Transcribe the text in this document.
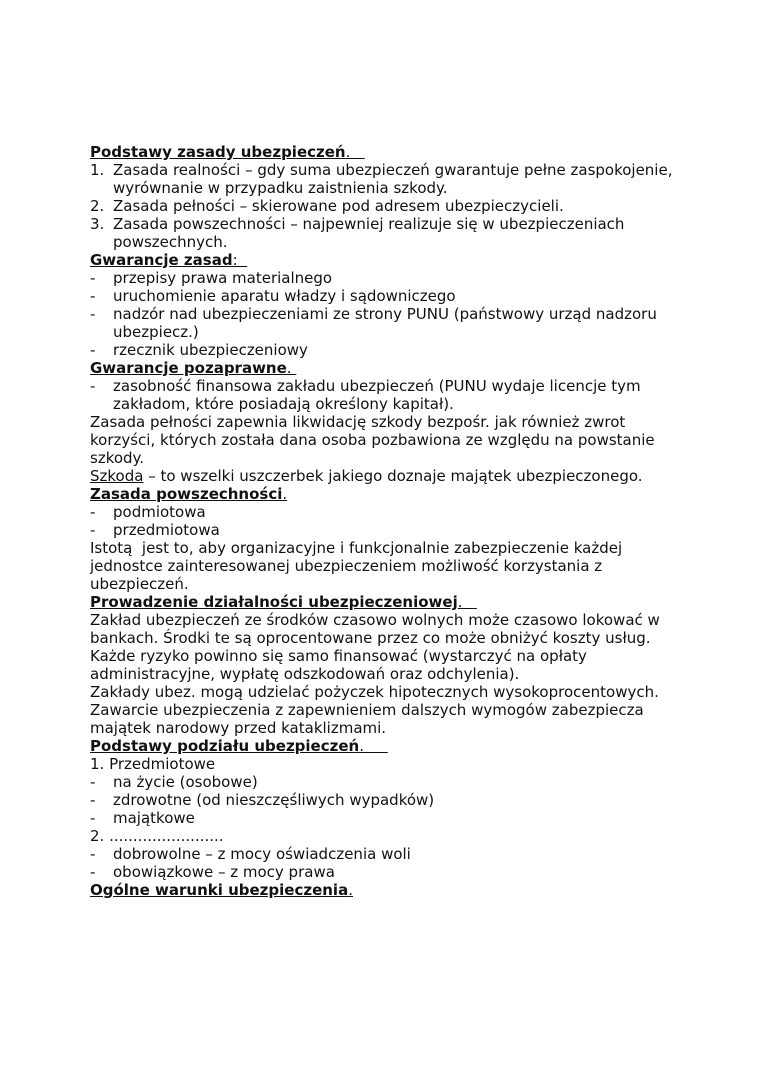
Podstawy zasady ubezpieczeń.
1. Zasada realności – gdy suma ubezpieczeń gwarantuje pełne zaspokojenie, wyrównanie w przypadku zaistnienia szkody.
2. Zasada pełności – skierowane pod adresem ubezpieczycieli.
3. Zasada powszechności – najpewniej realizuje się w ubezpieczeniach powszechnych.
Gwarancje zasad:
-	przepisy prawa materialnego
-	uruchomienie aparatu władzy i sądowniczego
-	nadzór nad ubezpieczeniami ze strony PUNU (państwowy urząd nadzoru ubezpiecz.)
-	rzecznik ubezpieczeniowy
Gwarancje pozaprawne.
-	zasobność finansowa zakładu ubezpieczeń (PUNU wydaje licencje tym zakładom, które posiadają określony kapitał).
Zasada pełności zapewnia likwidację szkody bezpośr. jak również zwrot korzyści, których została dana osoba pozbawiona ze względu na powstanie szkody.
Szkoda – to wszelki uszczerbek jakiego doznaje majątek ubezpieczonego.
Zasada powszechności.
-	podmiotowa
-	przedmiotowa
Istotą  jest to, aby organizacyjne i funkcjonalnie zabezpieczenie każdej jednostce zainteresowanej ubezpieczeniem możliwość korzystania z ubezpieczeń.
Prowadzenie działalności ubezpieczeniowej.
Zakład ubezpieczeń ze środków czasowo wolnych może czasowo lokować w bankach. Środki te są oprocentowane przez co może obniżyć koszty usług. Każde ryzyko powinno się samo finansować (wystarczyć na opłaty administracyjne, wypłatę odszkodowań oraz odchylenia).
Zakłady ubez. mogą udzielać pożyczek hipotecznych wysokoprocentowych.
Zawarcie ubezpieczenia z zapewnieniem dalszych wymogów zabezpiecza majątek narodowy przed kataklizmami.
Podstawy podziału ubezpieczeń.
1. Przedmiotowe
-	na życie (osobowe)
-	zdrowotne (od nieszczęśliwych wypadków)
-	majątkowe
2. ........................
-	dobrowolne – z mocy oświadczenia woli
-	obowiązkowe – z mocy prawa
Ogólne warunki ubezpieczenia.
